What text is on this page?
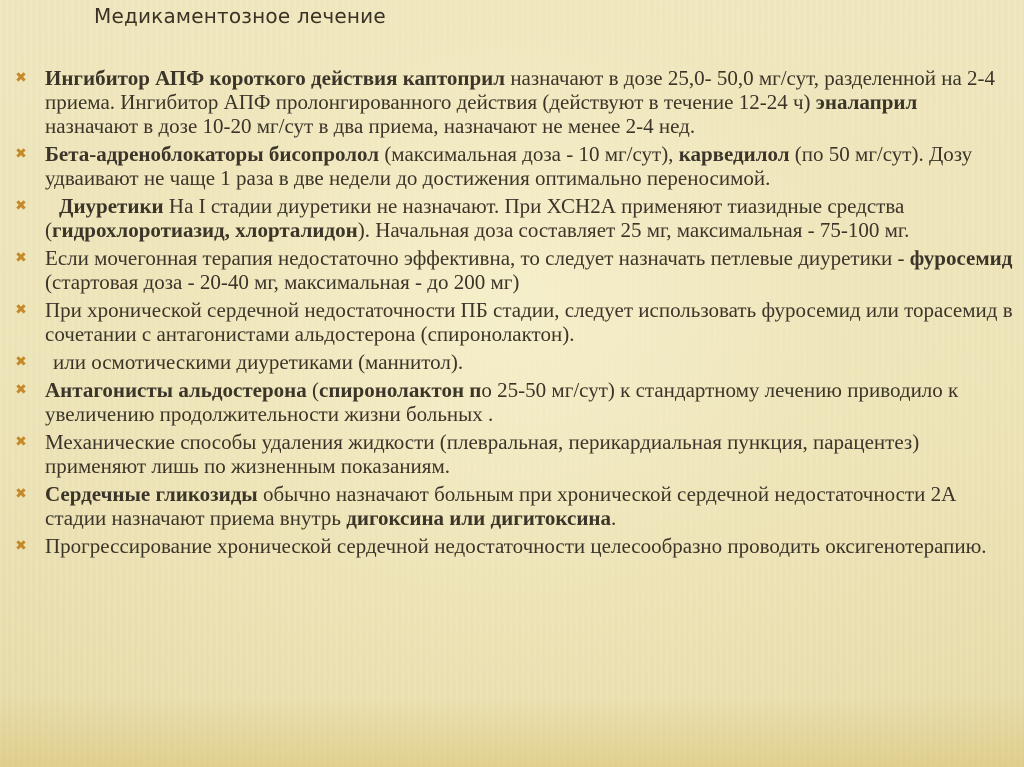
Медикаментозное лечение
✖ Ингибитор АПФ короткого действия каптоприл назначают в дозе 25,0- 50,0 мг/сут, разделенной на 2-4 приема. Ингибитор АПФ пролонгированного действия (действуют в течение 12-24 ч) эналаприл назначают в дозе 10-20 мг/сут в два приема, назначают не менее 2-4 нед.
✖ Бета-адреноблокаторы бисопролол (максимальная доза - 10 мг/сут), карведилол (по 50 мг/сут). Дозу удваивают не чаще 1 раза в две недели до достижения оптимально переносимой.
✖ Диуретики На I стадии диуретики не назначают. При ХСН2А применяют тиазидные средства (гидрохлоротиазид, хлорталидон). Начальная доза составляет 25 мг, максимальная - 75-100 мг.
✖ Если мочегонная терапия недостаточно эффективна, то следует назначать петлевые диуретики - фуросемид (стартовая доза - 20-40 мг, максимальная - до 200 мг)
✖ При хронической сердечной недостаточности ПБ стадии, следует использовать фуросемид или торасемид в сочетании с антагонистами альдостерона (спиронолактон).
✖ или осмотическими диуретиками (маннитол).
✖ Антагонисты альдостерона (спиронолактон по 25-50 мг/сут) к стандартному лечению приводило к увеличению продолжительности жизни больных .
✖ Механические способы удаления жидкости (плевральная, перикардиальная пункция, парацентез) применяют лишь по жизненным показаниям.
✖ Сердечные гликозиды обычно назначают больным при хронической сердечной недостаточности 2А стадии назначают приема внутрь дигоксина или дигитоксина.
✖ Прогрессирование хронической сердечной недостаточности целесообразно проводить оксигенотерапию.
